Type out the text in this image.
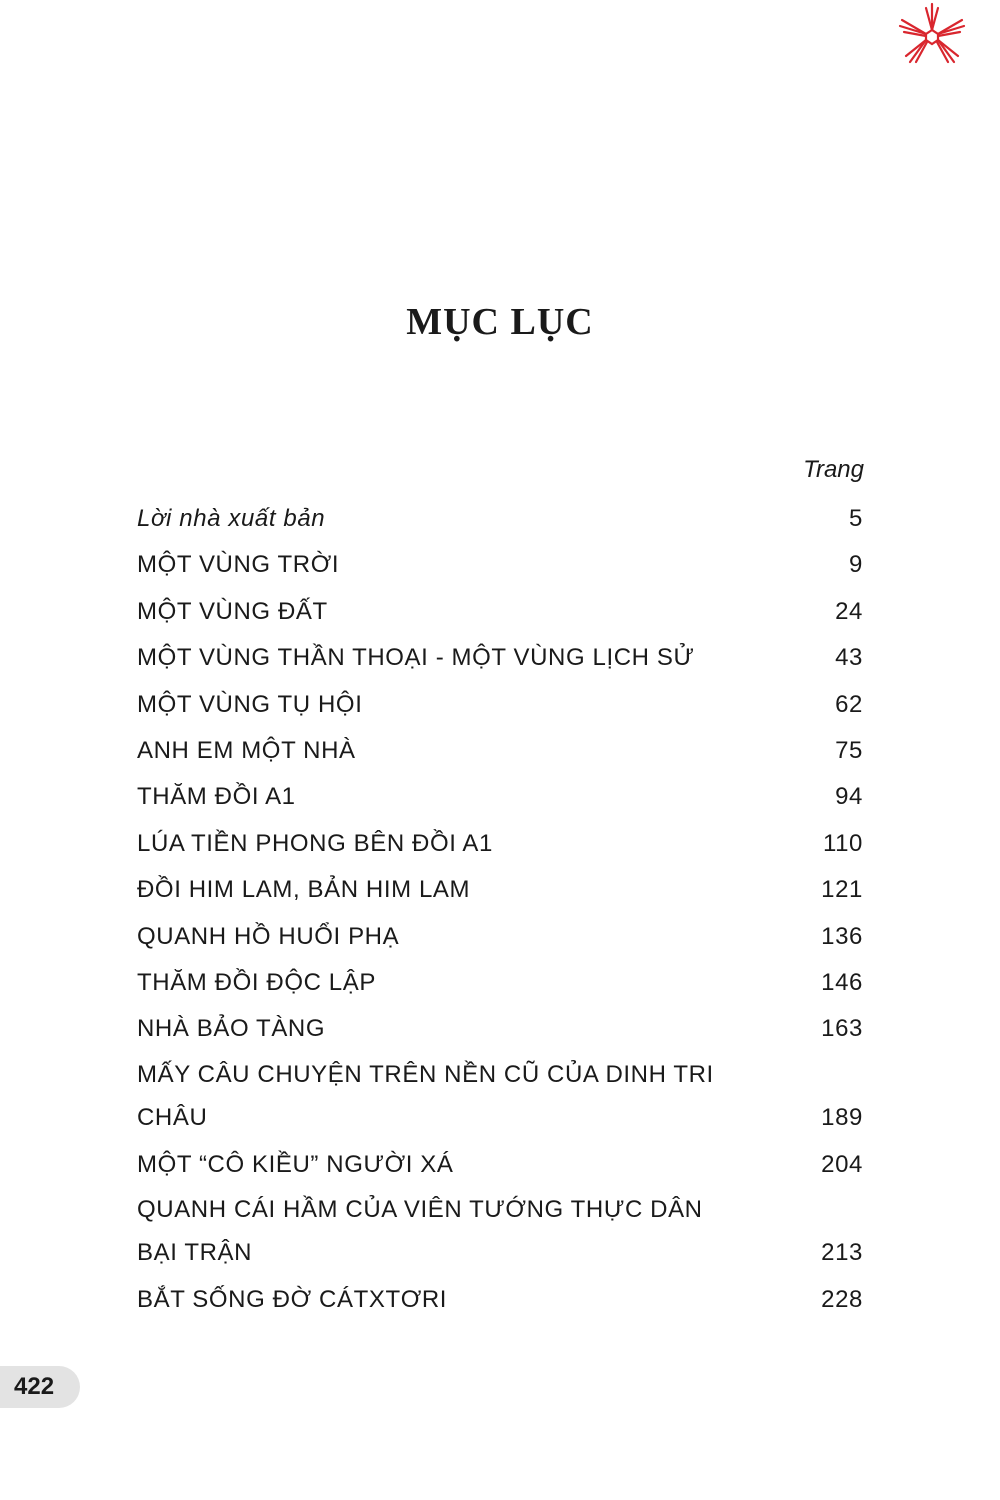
MỤC LỤC
Trang
Lời nhà xuất bản	5
MỘT VÙNG TRỜI	9
MỘT VÙNG ĐẤT	24
MỘT VÙNG THẦN THOẠI - MỘT VÙNG LỊCH SỬ	43
MỘT VÙNG TỤ HỘI	62
ANH EM MỘT NHÀ	75
THĂM ĐỒI A1	94
LÚA TIỀN PHONG BÊN ĐỒI A1	110
ĐỒI HIM LAM, BẢN HIM LAM	121
QUANH HỒ HUỔI PHẠ	136
THĂM ĐỒI ĐỘC LẬP	146
NHÀ BẢO TÀNG	163
MẤY CÂU CHUYỆN TRÊN NỀN CŨ CỦA DINH TRI CHÂU	189
MỘT “CÔ KIỀU” NGƯỜI XÁ	204
QUANH CÁI HẦM CỦA VIÊN TƯỚNG THỰC DÂN BẠI TRẬN	213
BẮT SỐNG ĐỜ CÁTXTƠRI	228
422
